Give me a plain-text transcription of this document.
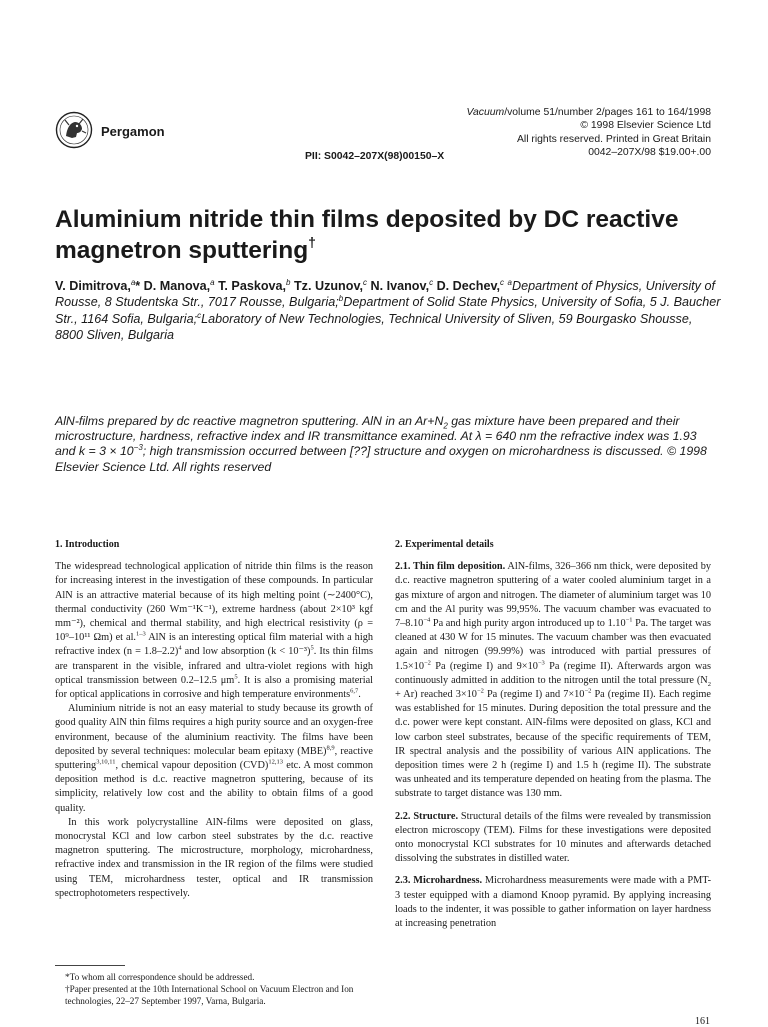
Pergamon
Vacuum/volume 51/number 2/pages 161 to 164/1998
© 1998 Elsevier Science Ltd
All rights reserved. Printed in Great Britain
0042–207X/98 $19.00+.00
PII: S0042–207X(98)00150–X
Aluminium nitride thin films deposited by DC reactive magnetron sputtering†
V. Dimitrova,$^a$* D. Manova,$^a$ T. Paskova,$^b$ Tz. Uzunov,$^c$ N. Ivanov,$^c$ D. Dechev,$^c$ $^a$Department of Physics, University of Rousse, 8 Studentska Str., 7017 Rousse, Bulgaria;$^b$Department of Solid State Physics, University of Sofia, 5 J. Baucher Str., 1164 Sofia, Bulgaria;$^c$Laboratory of New Technologies, Technical University of Sliven, 59 Bourgasko Shousse, 8800 Sliven, Bulgaria
AlN-films prepared by dc reactive magnetron sputtering. AlN in an $Ar+N_2$ gas mixture have been prepared and their microstructure, hardness, refractive index and IR transmittance examined. At λ = 640 nm the refractive index was 1.93 and $k = 3 \times 10^{-3}$; high transmission occurred between [??] structure and oxygen on microhardness is discussed. © 1998 Elsevier Science Ltd. All rights reserved

1. Introduction

The widespread technological application of nitride thin films is the reason for increasing interest in the investigation of these compounds. In particular AlN is an attractive material because of its high melting point (∼2400°C), thermal conductivity (260 Wm⁻¹K⁻¹), extreme hardness (about 2×10³ kgf mm⁻²), chemical and thermal stability, and high electrical resistivity (ρ = 10⁹–10¹¹ Ωm) et al.$^{1-3}$ AlN is an interesting optical film material with a high refractive index (n = 1.8–2.2)$^4$ and low absorption (k < 10⁻³)$^5$. Its thin films are transparent in the visible, infrared and ultra-violet regions with high optical transmission between 0.2–12.5 $\mu m^5$. It is also a promising material for optical applications in corrosive and high temperature environments$^{6,7}$.

Aluminium nitride is not an easy material to study because its growth of good quality AlN thin films requires a high purity source and an oxygen-free environment, because of the aluminium reactivity. The films have been deposited by several techniques: molecular beam epitaxy (MBE)$^{8,9}$, reactive sputtering$^{3,10,11}$, chemical vapour deposition (CVD)$^{12,13}$ etc. A most common deposition method is d.c. reactive magnetron sputtering, because of its simplicity, relatively low cost and the ability to obtain films of a good quality.

In this work polycrystalline AlN-films were deposited on glass, monocrystal KCl and low carbon steel substrates by the d.c. reactive magnetron sputtering. The microstructure, morphology, microhardness, refractive index and transmission in the IR region of the films were studied using TEM, microhardness tester, optical and IR transmission spectrophotometers respectively.

2. Experimental details

2.1. Thin film deposition. AlN-films, 326–366 nm thick, were deposited by d.c. reactive magnetron sputtering of a water cooled aluminium target in a gas mixture of argon and nitrogen. The diameter of aluminium target was 10 cm and the Al purity was 99,95%. The vacuum chamber was evacuated to $7-8.10^{-4}$ Pa and high purity argon introduced up to $1.10^{-1}$ Pa. The target was cleaned at 430 W for 15 minutes. The vacuum chamber was then evacuated again and nitrogen (99.99%) was introduced with partial pressures of $1.5\times 10^{-2}$ Pa (regime I) and $9\times 10^{-3}$ Pa (regime II). Afterwards argon was continuously admitted in addition to the nitrogen until the total pressure $(N_2 + Ar)$ reached $3\times 10^{-2}$ Pa (regime I) and $7\times 10^{-2}$ Pa (regime II). Each regime was established for 15 minutes. During deposition the total pressure and the d.c. power were kept constant. AlN-films were deposited on glass, KCl and low carbon steel substrates, because of the specific requirements of TEM, IR spectral analysis and the possibility of various AlN applications. The deposition times were 2 h (regime I) and 1.5 h (regime II). The substrate was unheated and its temperature depended on heating from the plasma. The substrate to target distance was 130 mm.

2.2. Structure. Structural details of the films were revealed by transmission electron microscopy (TEM). Films for these investigations were deposited onto monocrystal KCl substrates for 10 minutes and afterwards detached dissolving the substrates in distilled water.

2.3. Microhardness. Microhardness measurements were made with a PMT-3 tester equipped with a diamond Knoop pyramid. By applying increasing loads to the indenter, it was possible to gather information on layer hardness at increasing penetration

*To whom all correspondence should be addressed.

†Paper presented at the 10th International School on Vacuum Electron and Ion technologies, 22–27 September 1997, Varna, Bulgaria.

161
